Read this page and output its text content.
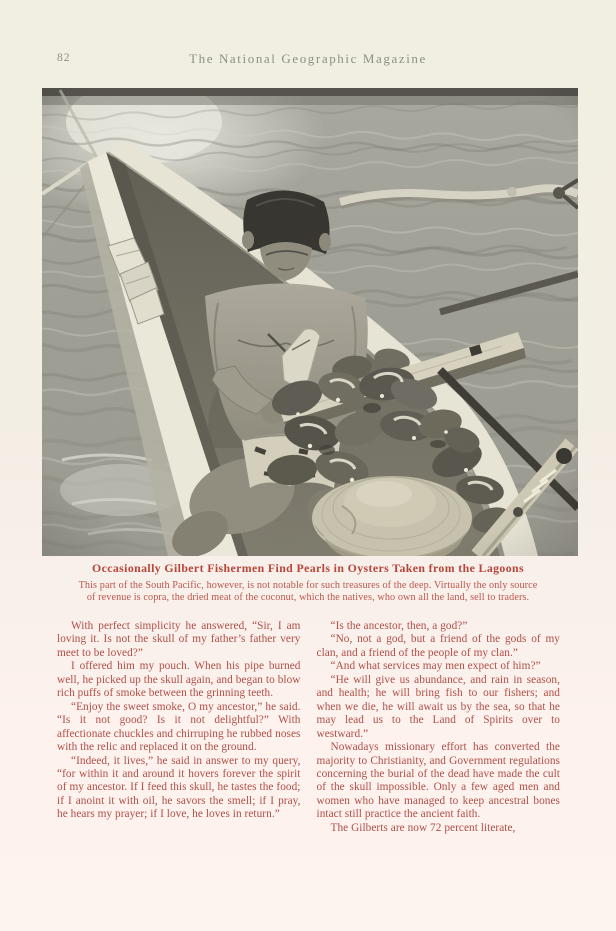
82	The National Geographic Magazine
Occasionally Gilbert Fishermen Find Pearls in Oysters Taken from the Lagoons
This part of the South Pacific, however, is not notable for such treasures of the deep. Virtually the only source
of revenue is copra, the dried meat of the coconut, which the natives, who own all the land, sell to traders.

With perfect simplicity he answered, “Sir, I am loving it. Is not the skull of my father’s father very meet to be loved?”

I offered him my pouch. When his pipe burned well, he picked up the skull again, and began to blow rich puffs of smoke between the grinning teeth.

“Enjoy the sweet smoke, O my ancestor,” he said. “Is it not good? Is it not delightful?” With affectionate chuckles and chirruping he rubbed noses with the relic and replaced it on the ground.

“Indeed, it lives,” he said in answer to my query, “for within it and around it hovers forever the spirit of my ancestor. If I feed this skull, he tastes the food; if I anoint it with oil, he savors the smell; if I pray, he hears my prayer; if I love, he loves in return.”

“Is the ancestor, then, a god?”

“No, not a god, but a friend of the gods of my clan, and a friend of the people of my clan.”

“And what services may men expect of him?”

“He will give us abundance, and rain in season, and health; he will bring fish to our fishers; and when we die, he will await us by the sea, so that he may lead us to the Land of Spirits over to westward.”

Nowadays missionary effort has converted the majority to Christianity, and Government regulations concerning the burial of the dead have made the cult of the skull impossible. Only a few aged men and women who have managed to keep ancestral bones intact still practice the ancient faith.

The Gilberts are now 72 percent literate,
